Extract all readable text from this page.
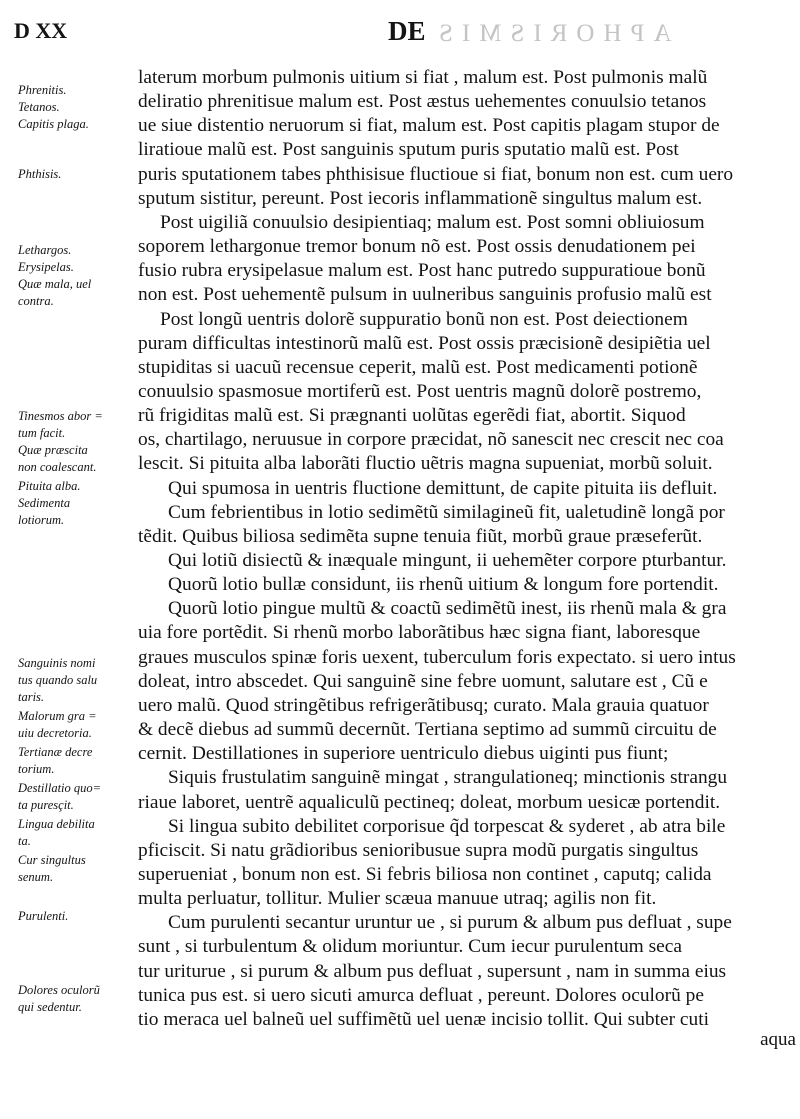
APHORISMIS
D XX	DE
Phrenitis.
Tetanos.
Capitis plaga.
Phthisis.
Lethargos.
Erysipelas.
Quæ mala, uel
contra.
Tinesmos abor =
tum facit.
Quæ præscita
non coalescant.
Pituita alba.
Sedimenta
lotiorum.
Sanguinis nomi
tus quando salu
taris.
Malorum gra =
uiu decretoria.
Tertianæ decre
torium.
Destillatio quo=
ta puresçit.
Lingua debilita
ta.
Cur singultus
senum.
Purulenti.
Dolores oculorũ
qui sedentur.
laterum morbum pulmonis uitium si fiat , malum est. Post pulmonis malũ
deliratio phrenitisue malum est. Post æstus uehementes conuulsio tetanos
ue siue distentio neruorum si fiat, malum est. Post capitis plagam stupor de
liratioue malũ est. Post sanguinis sputum puris sputatio malũ est. Post
puris sputationem tabes phthisisue fluctioue si fiat, bonum non est. cum uero
sputum sistitur, pereunt. Post iecoris inflammationẽ singultus malum est.
Post uigiliã conuulsio desipientiaq; malum est. Post somni obliuiosum
soporem lethargonue tremor bonum nõ est. Post ossis denudationem pei
fusio rubra erysipelasue malum est. Post hanc putredo suppuratioue bonũ
non est. Post uehementẽ pulsum in uulneribus sanguinis profusio malũ est
Post longũ uentris dolorẽ suppuratio bonũ non est. Post deiectionem
puram difficultas intestinorũ malũ est. Post ossis præcisionẽ desipiẽtia uel
stupiditas si uacuũ recensue ceperit, malũ est. Post medicamenti potionẽ
conuulsio spasmosue mortiferũ est. Post uentris magnũ dolorẽ postremo,
rũ frigiditas malũ est. Si prægnanti uolũtas egerẽdi fiat, abortit. Siquod
os, chartilago, neruusue in corpore præcidat, nõ sanescit nec crescit nec coa
lescit. Si pituita alba laborãti fluctio uẽtris magna supueniat, morbũ soluit.
Qui spumosa in uentris fluctione demittunt, de capite pituita iis defluit.
Cum febrientibus in lotio sedimẽtũ similagineũ fit, ualetudinẽ longã por
tẽdit. Quibus biliosa sedimẽta supne tenuia fiũt, morbũ graue præseferũt.
Qui lotiũ disiectũ & inæquale mingunt, ii uehemẽter corpore pturbantur.
Quorũ lotio bullæ considunt, iis rhenũ uitium & longum fore portendit.
Quorũ lotio pingue multũ & coactũ sedimẽtũ inest, iis rhenũ mala & gra
uia fore portẽdit. Si rhenũ morbo laborãtibus hæc signa fiant, laboresque
graues musculos spinæ foris uexent, tuberculum foris expectato. si uero intus
doleat, intro abscedet. Qui sanguinẽ sine febre uomunt, salutare est , Cũ e
uero malũ. Quod stringẽtibus refrigerãtibusq; curato. Mala grauia quatuor
& decẽ diebus ad summũ decernũt. Tertiana septimo ad summũ circuitu de
cernit. Destillationes in superiore uentriculo diebus uiginti pus fiunt;
Siquis frustulatim sanguinẽ mingat , strangulationeq; minctionis strangu
riaue laboret, uentrẽ aqualiculũ pectineq; doleat, morbum uesicæ portendit.
Si lingua subito debilitet corporisue q̃d torpescat & syderet , ab atra bile
pficiscit. Si natu grãdioribus senioribusue supra modũ purgatis singultus
superueniat , bonum non est. Si febris biliosa non continet , caputq; calida
multa perluatur, tollitur. Mulier scæua manuue utraq; agilis non fit.
Cum purulenti secantur uruntur ue , si purum & album pus defluat , supe
sunt , si turbulentum & olidum moriuntur. Cum iecur purulentum seca
tur uriturue , si purum & album pus defluat , supersunt , nam in summa eius
tunica pus est. si uero sicuti amurca defluat , pereunt. Dolores oculorũ pe
tio meraca uel balneũ uel suffimẽtũ uel uenæ incisio tollit. Qui subter cuti
aqua
